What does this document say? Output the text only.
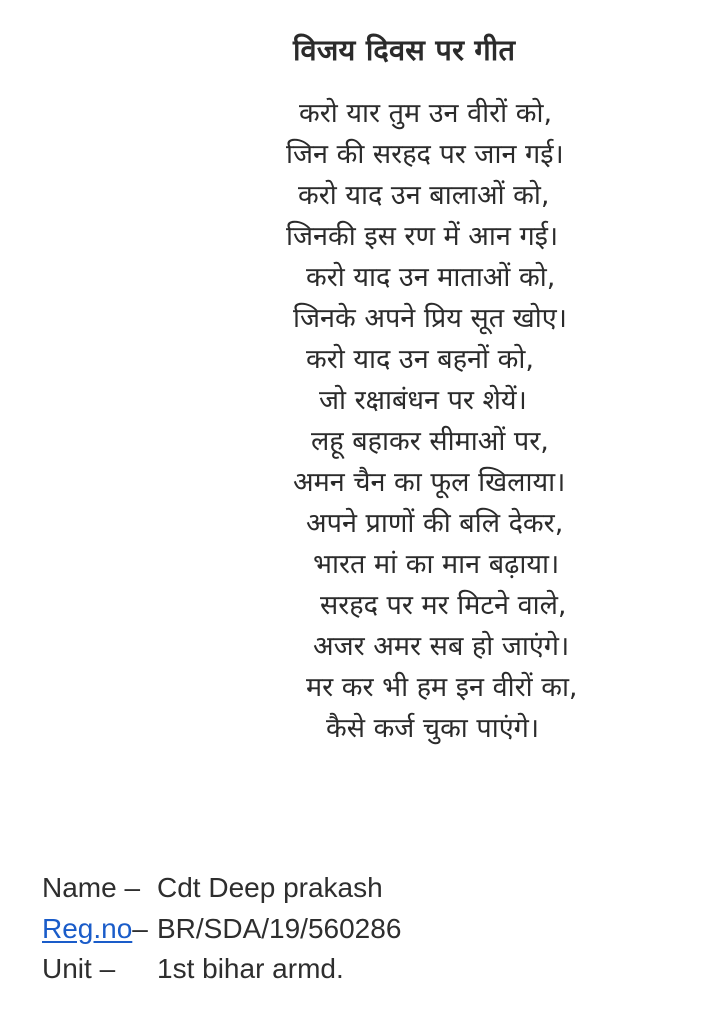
विजय दिवस पर गीत
करो यार तुम उन वीरों को,
जिन की सरहद पर जान गई।
करो याद उन बालाओं को,
जिनकी इस रण में आन गई।
करो याद उन माताओं को,
जिनके अपने प्रिय सूत खोए।
करो याद उन बहनों को,
जो रक्षाबंधन पर शेयें।
लहू बहाकर सीमाओं पर,
अमन चैन का फूल खिलाया।
अपने प्राणों की बलि देकर,
भारत मां का मान बढ़ाया।
सरहद पर मर मिटने वाले,
अजर अमर सब हो जाएंगे।
मर कर भी हम इन वीरों का,
कैसे कर्ज चुका पाएंगे।
Name – Cdt Deep prakash
Reg.no– BR/SDA/19/560286
Unit – 1st bihar armd.
